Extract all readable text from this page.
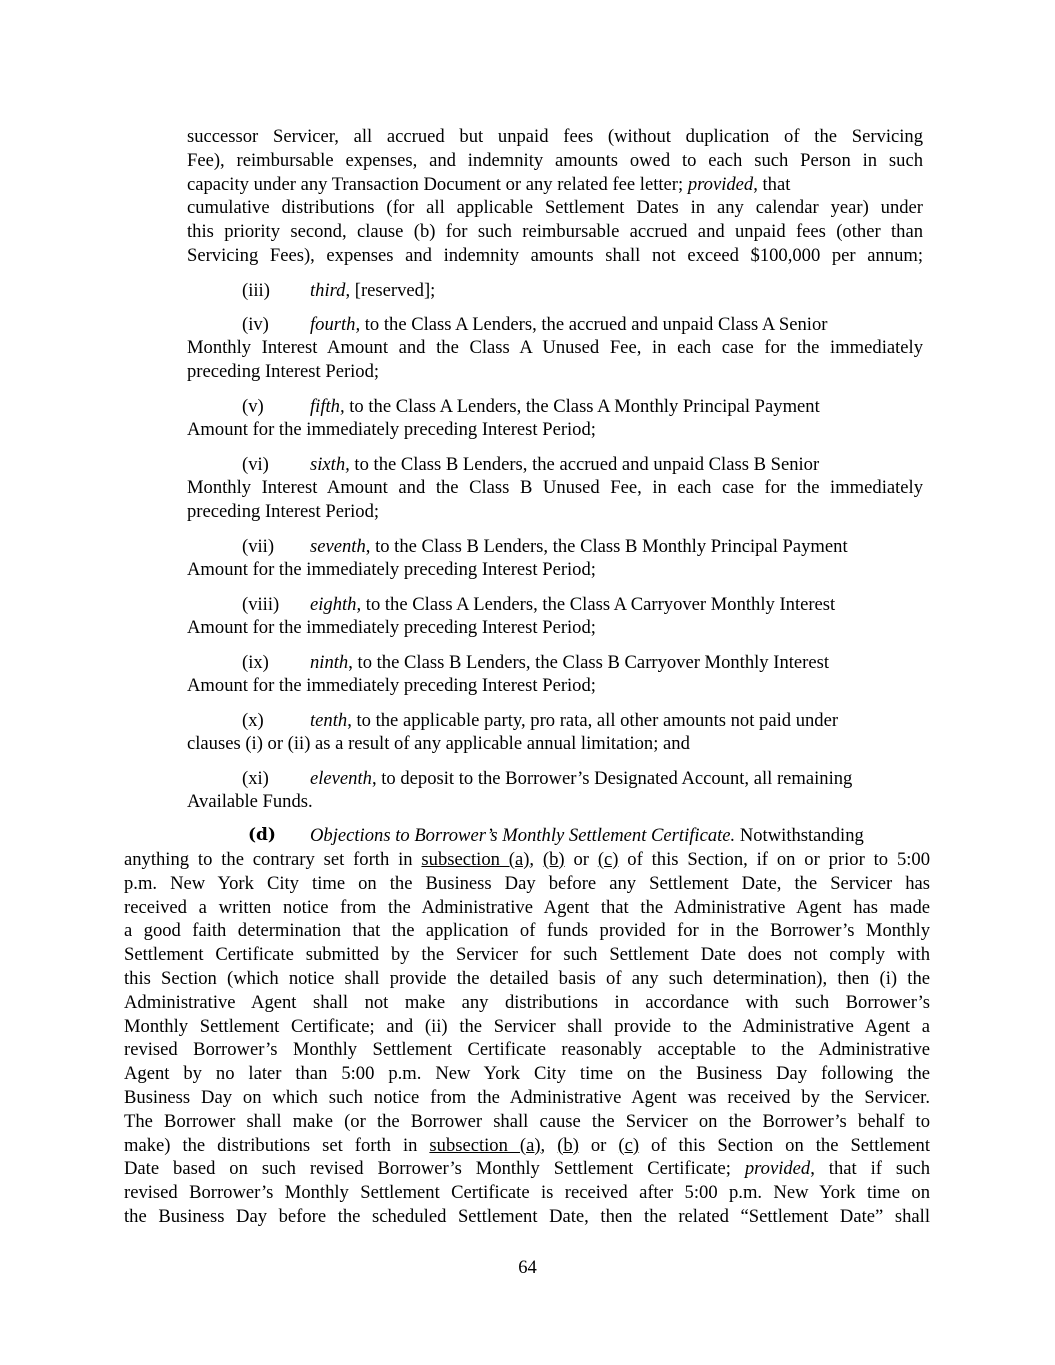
successor Servicer, all accrued but unpaid fees (without duplication of the Servicing
Fee), reimbursable expenses, and indemnity amounts owed to each such Person in such
capacity under any Transaction Document or any related fee letter; provided, that
cumulative distributions (for all applicable Settlement Dates in any calendar year) under
this priority second, clause (b) for such reimbursable accrued and unpaid fees (other than
Servicing Fees), expenses and indemnity amounts shall not exceed $100,000 per annum;
(iii) third, [reserved];
(iv) fourth, to the Class A Lenders, the accrued and unpaid Class A Senior
Monthly Interest Amount and the Class A Unused Fee, in each case for the immediately
preceding Interest Period;
(v) fifth, to the Class A Lenders, the Class A Monthly Principal Payment
Amount for the immediately preceding Interest Period;
(vi) sixth, to the Class B Lenders, the accrued and unpaid Class B Senior
Monthly Interest Amount and the Class B Unused Fee, in each case for the immediately
preceding Interest Period;
(vii) seventh, to the Class B Lenders, the Class B Monthly Principal Payment
Amount for the immediately preceding Interest Period;
(viii) eighth, to the Class A Lenders, the Class A Carryover Monthly Interest
Amount for the immediately preceding Interest Period;
(ix) ninth, to the Class B Lenders, the Class B Carryover Monthly Interest
Amount for the immediately preceding Interest Period;
(x) tenth, to the applicable party, pro rata, all other amounts not paid under
clauses (i) or (ii) as a result of any applicable annual limitation; and
(xi) eleventh, to deposit to the Borrower’s Designated Account, all remaining
Available Funds.
(d) Objections to Borrower’s Monthly Settlement Certificate. Notwithstanding
anything to the contrary set forth in subsection (a), (b) or (c) of this Section, if on or prior to 5:00
p.m. New York City time on the Business Day before any Settlement Date, the Servicer has
received a written notice from the Administrative Agent that the Administrative Agent has made
a good faith determination that the application of funds provided for in the Borrower’s Monthly
Settlement Certificate submitted by the Servicer for such Settlement Date does not comply with
this Section (which notice shall provide the detailed basis of any such determination), then (i) the
Administrative Agent shall not make any distributions in accordance with such Borrower’s
Monthly Settlement Certificate; and (ii) the Servicer shall provide to the Administrative Agent a
revised Borrower’s Monthly Settlement Certificate reasonably acceptable to the Administrative
Agent by no later than 5:00 p.m. New York City time on the Business Day following the
Business Day on which such notice from the Administrative Agent was received by the Servicer.
The Borrower shall make (or the Borrower shall cause the Servicer on the Borrower’s behalf to
make) the distributions set forth in subsection (a), (b) or (c) of this Section on the Settlement
Date based on such revised Borrower’s Monthly Settlement Certificate; provided, that if such
revised Borrower’s Monthly Settlement Certificate is received after 5:00 p.m. New York time on
the Business Day before the scheduled Settlement Date, then the related “Settlement Date” shall
64
